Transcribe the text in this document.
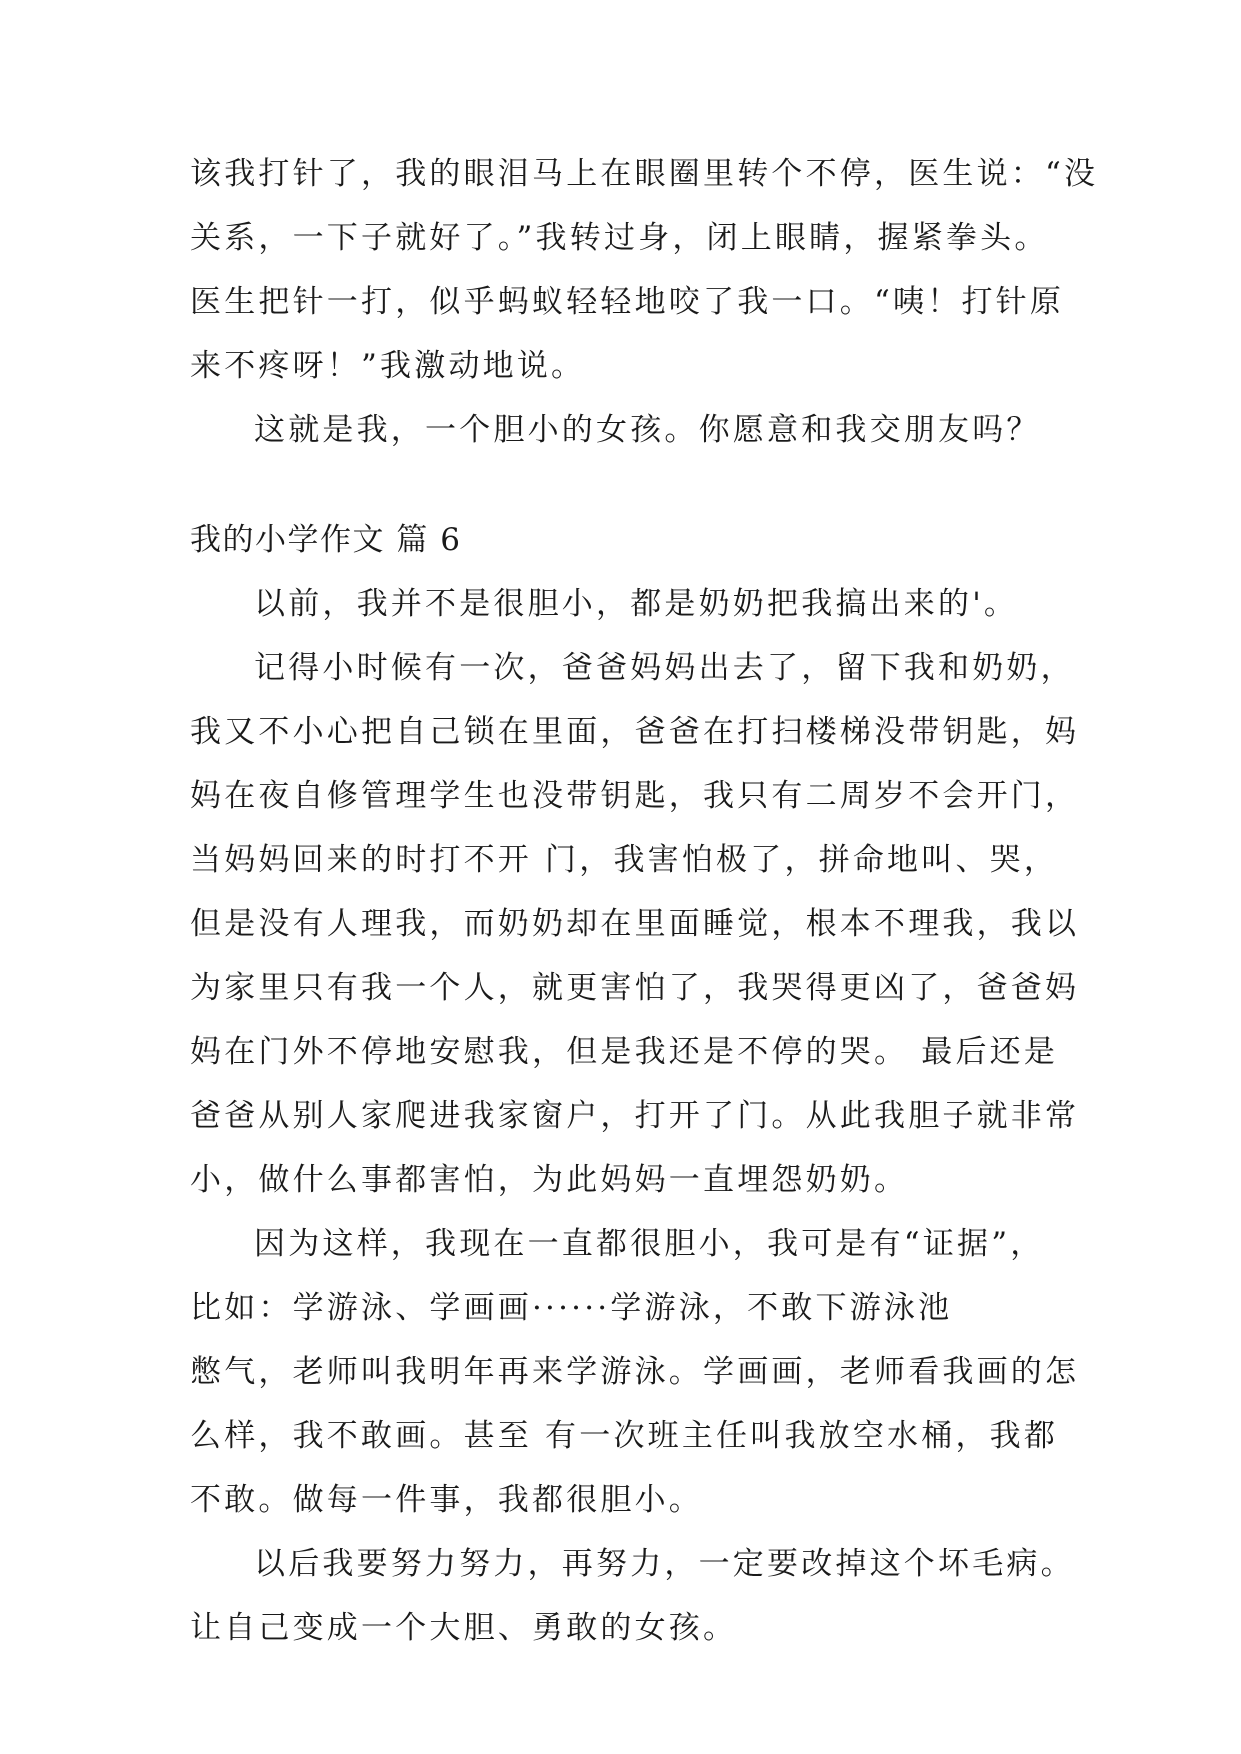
该我打针了，我的眼泪马上在眼圈里转个不停，医生说：“没
关系，一下子就好了。”我转过身，闭上眼睛，握紧拳头。
医生把针一打，似乎蚂蚁轻轻地咬了我一口。“咦！打针原
来不疼呀！”我激动地说。
这就是我，一个胆小的女孩。你愿意和我交朋友吗？
我的小学作文 篇 6
以前，我并不是很胆小，都是奶奶把我搞出来的'。
记得小时候有一次，爸爸妈妈出去了，留下我和奶奶，
我又不小心把自己锁在里面，爸爸在打扫楼梯没带钥匙，妈
妈在夜自修管理学生也没带钥匙，我只有二周岁不会开门，
当妈妈回来的时打不开 门，我害怕极了，拼命地叫、哭，
但是没有人理我，而奶奶却在里面睡觉，根本不理我，我以
为家里只有我一个人，就更害怕了，我哭得更凶了，爸爸妈
妈在门外不停地安慰我，但是我还是不停的哭。 最后还是
爸爸从别人家爬进我家窗户，打开了门。从此我胆子就非常
小，做什么事都害怕，为此妈妈一直埋怨奶奶。
因为这样，我现在一直都很胆小，我可是有“证据”，
比如：学游泳、学画画······学游泳，不敢下游泳池
憋气，老师叫我明年再来学游泳。学画画，老师看我画的怎
么样，我不敢画。甚至 有一次班主任叫我放空水桶，我都
不敢。做每一件事，我都很胆小。
以后我要努力努力，再努力，一定要改掉这个坏毛病。
让自己变成一个大胆、勇敢的女孩。
